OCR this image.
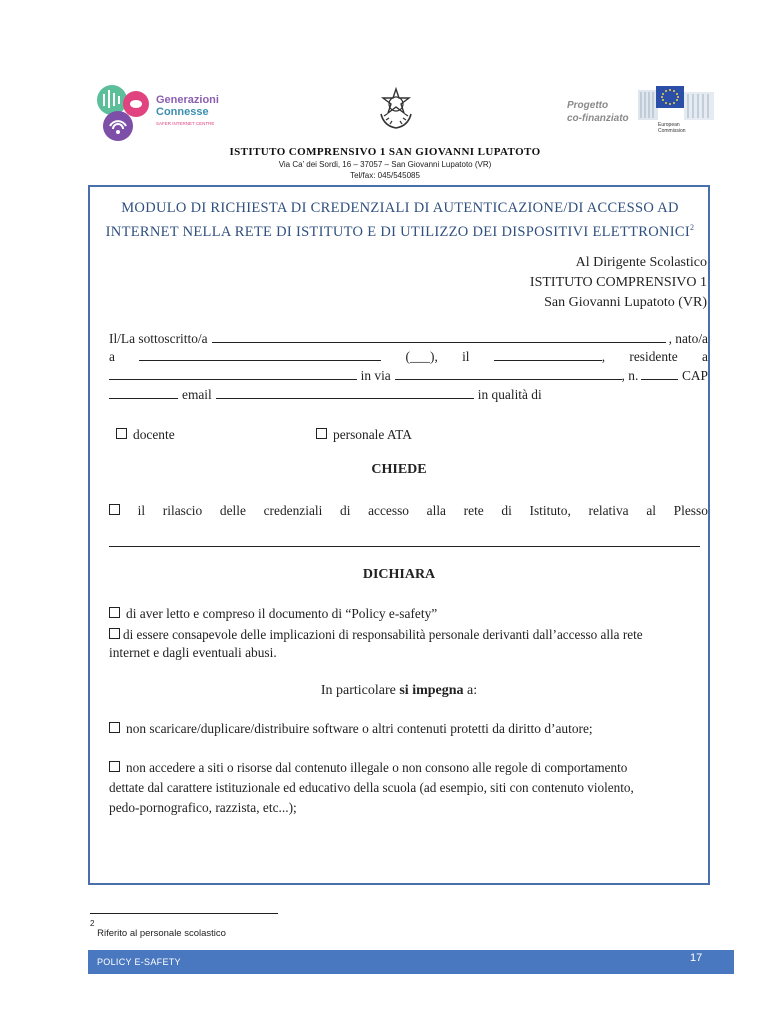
Generazioni
Connesse
SAFER INTERNET CENTRE
Progetto
co-finanziato
European
Commission
ISTITUTO COMPRENSIVO 1 SAN GIOVANNI LUPATOTO
Via Ca’ dei Sordi, 16 – 37057 – San Giovanni Lupatoto (VR)
Tel/fax: 045/545085
MODULO DI RICHIESTA DI CREDENZIALI DI AUTENTICAZIONE/DI ACCESSO AD
INTERNET NELLA RETE DI ISTITUTO E DI UTILIZZO DEI DISPOSITIVI ELETTRONICI$^2$
Al Dirigente Scolastico
ISTITUTO COMPRENSIVO 1
San Giovanni Lupatoto (VR)
Il/La sottoscritto/a	, nato/a
a	(___), il	, residente a
in via	, n.	CAP
email	in qualità di
docente	personale ATA
CHIEDE
il rilascio delle credenziali di accesso alla rete di Istituto, relativa al Plesso
DICHIARA
di aver letto e compreso il documento di “Policy e-safety”
di essere consapevole delle implicazioni di responsabilità personale derivanti dall’accesso alla rete
internet e dagli eventuali abusi.
In particolare si impegna a:
non scaricare/duplicare/distribuire software o altri contenuti protetti da diritto d’autore;
non accedere a siti o risorse dal contenuto illegale o non consono alle regole di comportamento
dettate dal carattere istituzionale ed educativo della scuola (ad esempio, siti con contenuto violento,
pedo-pornografico, razzista, etc...);
$^2$ Riferito al personale scolastico
POLICY E-SAFETY	17
